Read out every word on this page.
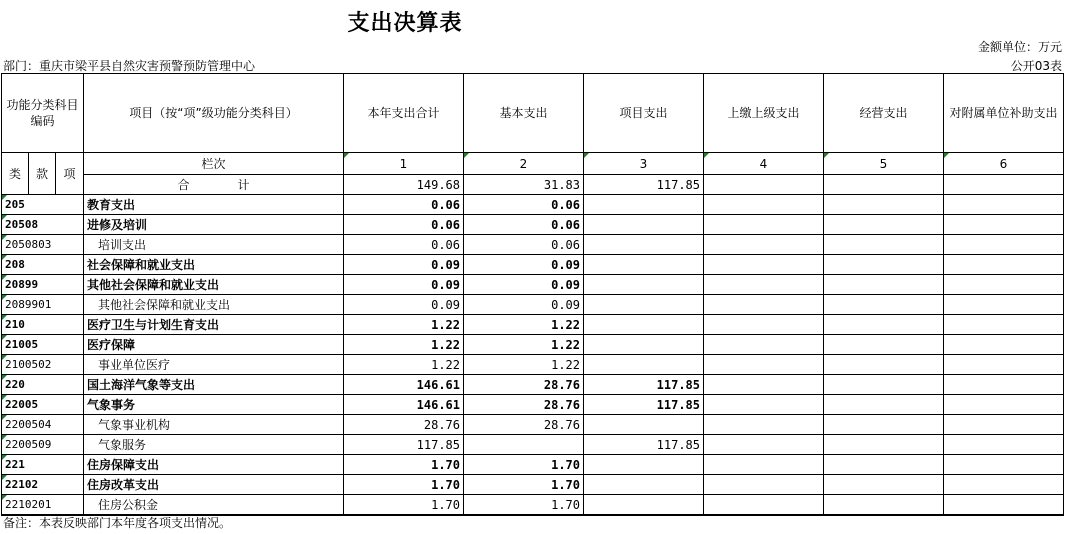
支出决算表
金额单位：万元
部门：重庆市梁平县自然灾害预警预防管理中心	公开03表
功能分类科目编码			项目（按“项”级功能分类科目）	本年支出合计	基本支出	项目支出	上缴上级支出	经营支出	对附属单位补助支出
类	款	项	栏次	1	2	3	4	5	6
			合　　　　计	149.68	31.83	117.85			
205			教育支出	0.06	0.06				
20508			进修及培训	0.06	0.06				
2050803			培训支出	0.06	0.06				
208			社会保障和就业支出	0.09	0.09				
20899			其他社会保障和就业支出	0.09	0.09				
2089901			其他社会保障和就业支出	0.09	0.09				
210			医疗卫生与计划生育支出	1.22	1.22				
21005			医疗保障	1.22	1.22				
2100502			事业单位医疗	1.22	1.22				
220			国土海洋气象等支出	146.61	28.76	117.85			
22005			气象事务	146.61	28.76	117.85			
2200504			气象事业机构	28.76	28.76				
2200509			气象服务	117.85		117.85			
221			住房保障支出	1.70	1.70				
22102			住房改革支出	1.70	1.70				
2210201			住房公积金	1.70	1.70				
备注：本表反映部门本年度各项支出情况。
